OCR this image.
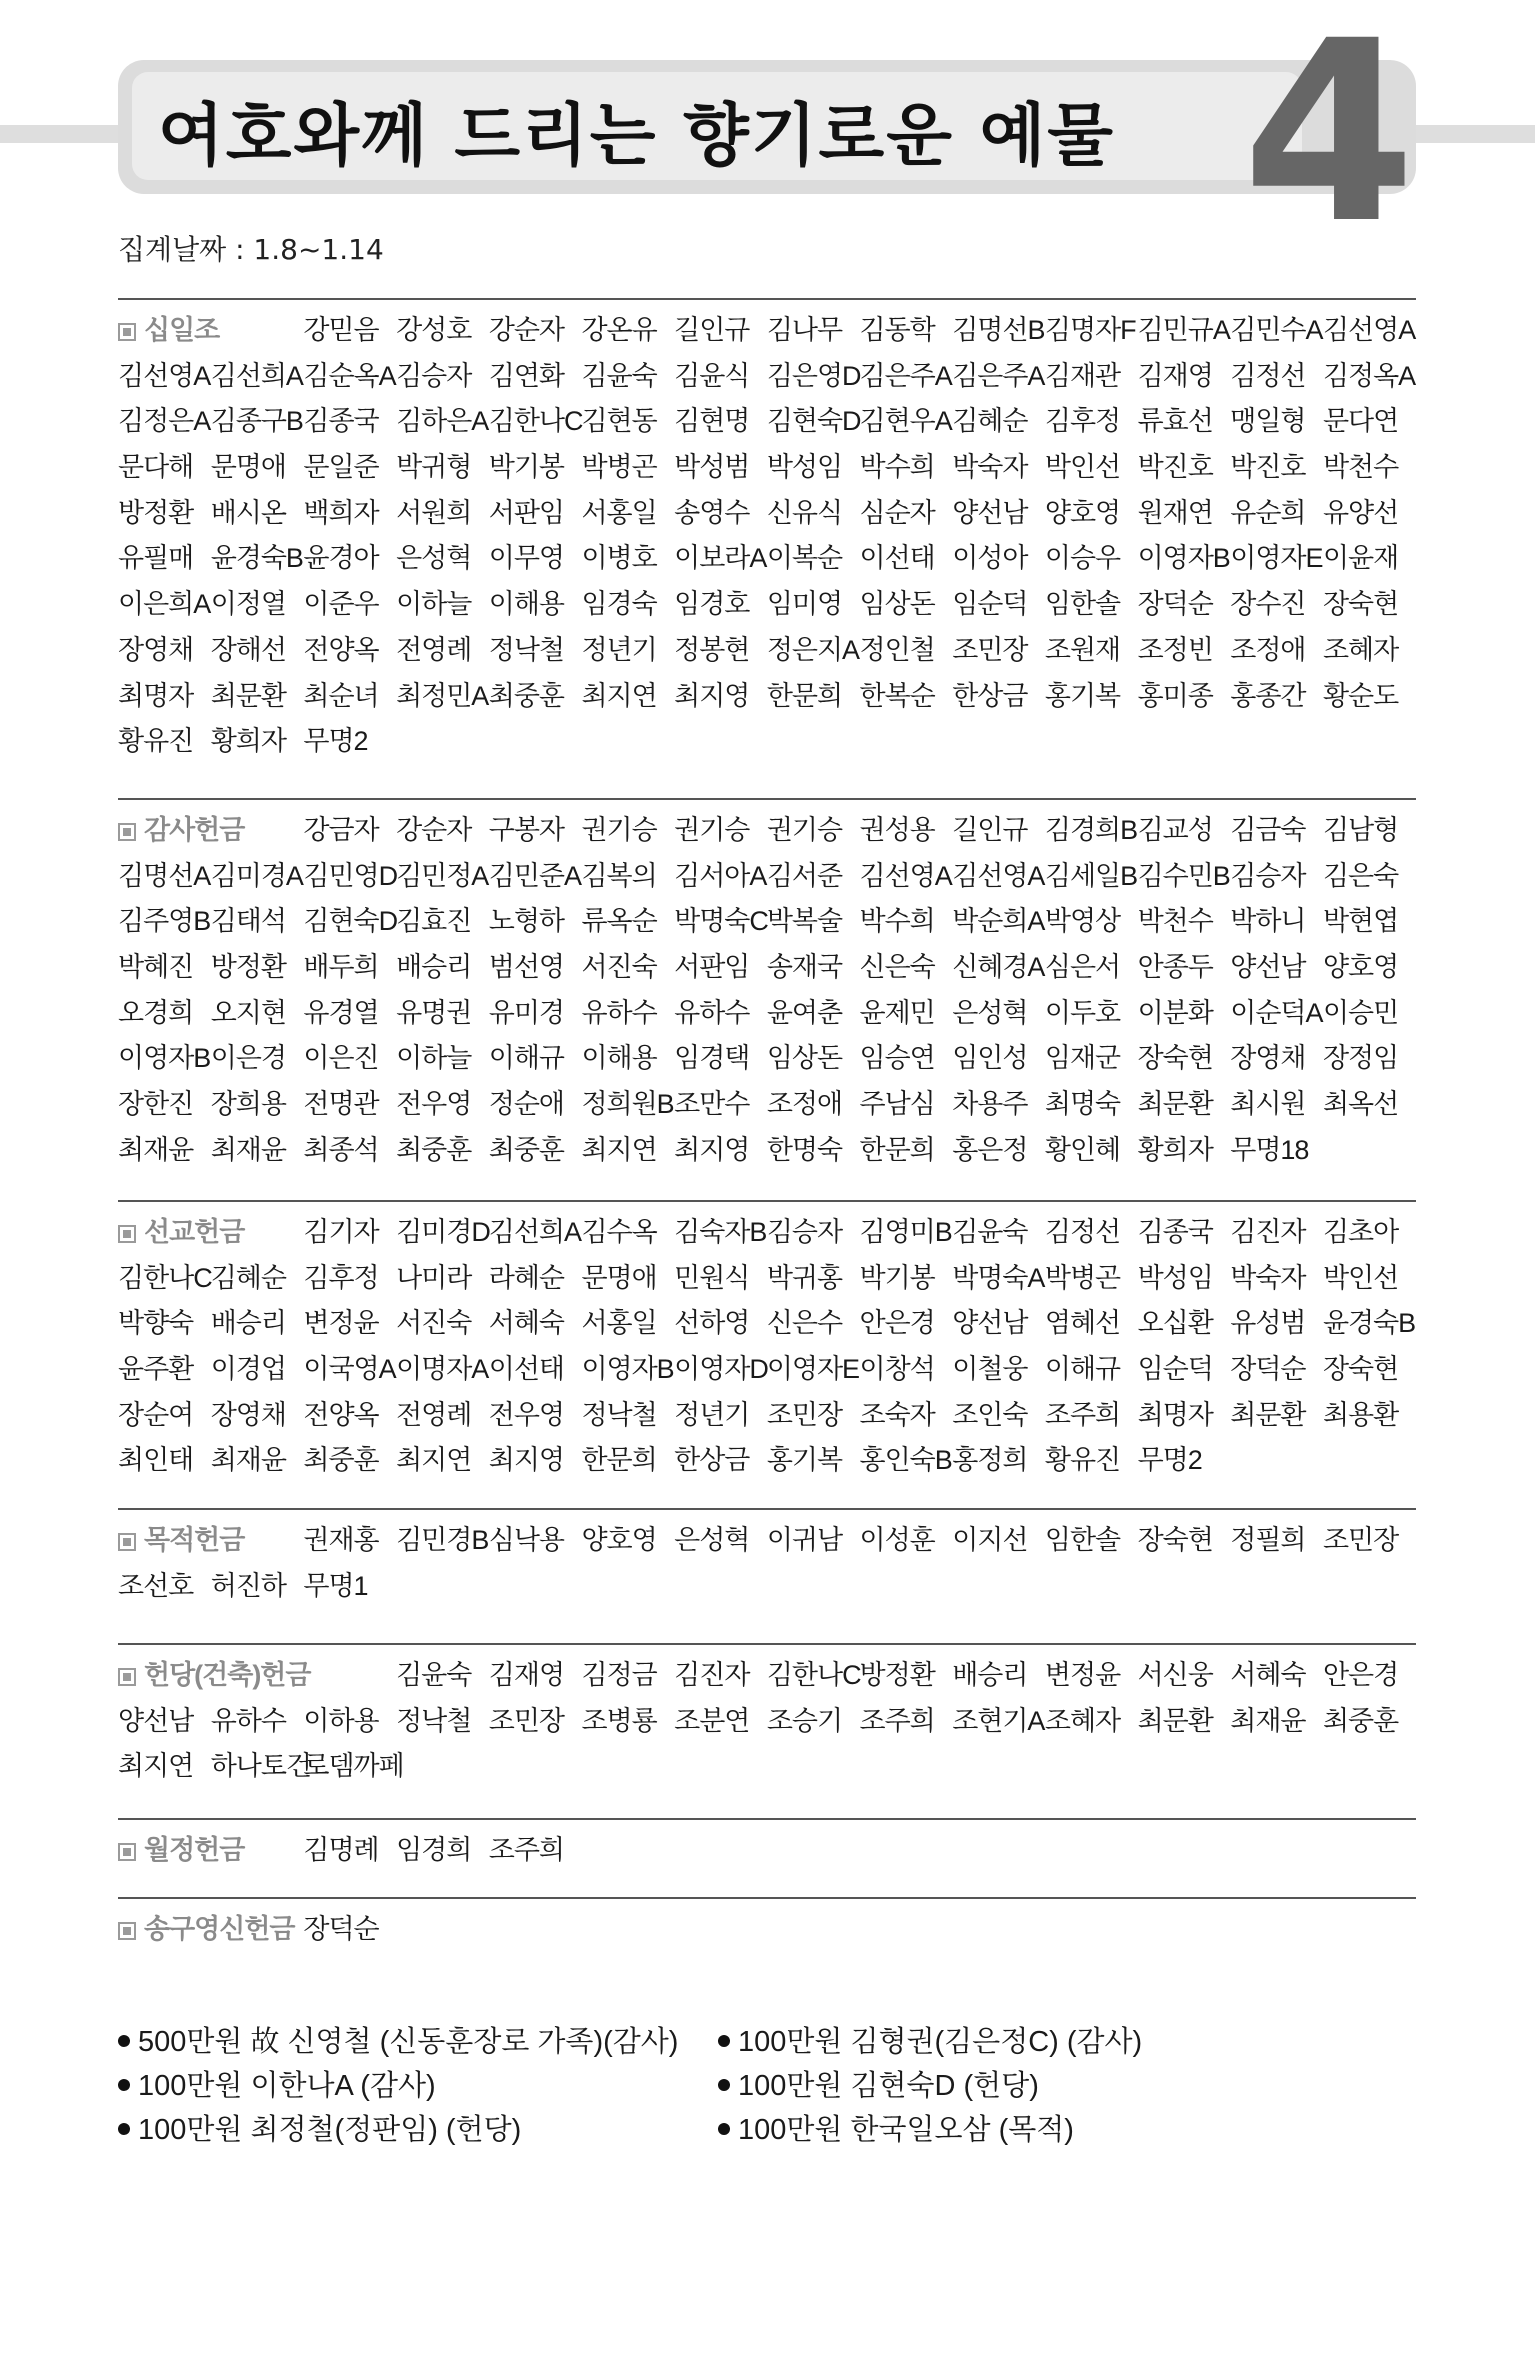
여호와께 드리는 향기로운 예물 4
집계날짜 : 1.8~1.14
십일조	강믿음 강성호 강순자 강온유 길인규 김나무 김동학 김명선B 김명자F 김민규A 김민수A 김선영A
김선영A 김선희A 김순옥A 김승자 김연화 김윤숙 김윤식 김은영D
김은주A 김은주A 김재관 김재영 김정선 김정옥A
김정은A 김종구B 김종국 김하은A 김한나C
김현동 김현명 김현숙D
김현우A 김혜순 김후정 류효선 맹일형 문다연
문다해 문명애 문일준 박귀형 박기봉 박병곤 박성범 박성임 박수희 박숙자 박인선 박진호 박진호 박천수
방정환 배시온 백희자 서원희 서판임 서홍일 송영수 신유식 심순자 양선남 양호영 원재연 유순희 유양선
유필매 윤경숙B 윤경아 은성혁 이무영 이병호 이보라A 이복순 이선태 이성아 이승우 이영자B 이영자E 이윤재
이은희A 이정열 이준우 이하늘 이해용 임경숙 임경호 임미영 임상돈 임순덕 임한솔 장덕순 장수진 장숙현
장영채 장해선 전양옥 전영례 정낙철 정년기 정봉현 정은지A 정인철 조민장 조원재 조정빈 조정애 조혜자
최명자 최문환 최순녀 최정민A 최중훈 최지연 최지영 한문희 한복순 한상금 홍기복 홍미종 홍종간 황순도
황유진 황희자 무명2
감사헌금	강금자 강순자 구봉자 권기승 권기승 권기승 권성용 길인규 김경희B 김교성 김금숙 김남형
김명선A 김미경A 김민영D
김민정A 김민준A 김복의 김서아A 김서준 김선영A 김선영A 김세일B 김수민B 김승자 김은숙
김주영B 김태석 김현숙D
김효진 노형하 류옥순 박명숙C
박복술 박수희 박순희A 박영상 박천수 박하니 박현엽
박혜진 방정환 배두희 배승리 범선영 서진숙 서판임 송재국 신은숙 신혜경A 심은서 안종두 양선남 양호영
오경희 오지현 유경열 유명권 유미경 유하수 유하수 윤여춘 윤제민 은성혁 이두호 이분화 이순덕A 이승민
이영자B 이은경 이은진 이하늘 이해규 이해용 임경택 임상돈 임승연 임인성 임재군 장숙현 장영채 장정임
장한진 장희용 전명관 전우영 정순애 정희원B 조만수 조정애 주남심 차용주 최명숙 최문환 최시원 최옥선
최재윤 최재윤 최종석 최중훈 최중훈 최지연 최지영 한명숙 한문희 홍은정 황인혜 황희자 무명18
선교헌금	김기자 김미경D
김선희A 김수옥 김숙자B 김승자 김영미B 김윤숙 김정선 김종국 김진자 김초아
김한나C
김혜순 김후정 나미라 라혜순 문명애 민원식 박귀홍 박기봉 박명숙A 박병곤 박성임 박숙자 박인선
박향숙 배승리 변정윤 서진숙 서혜숙 서홍일 선하영 신은수 안은경 양선남 염혜선 오십환 유성범 윤경숙B
윤주환 이경업 이국영A 이명자A 이선태 이영자B 이영자D
이영자E 이창석 이철웅 이해규 임순덕 장덕순 장숙현
장순여 장영채 전양옥 전영례 전우영 정낙철 정년기 조민장 조숙자 조인숙 조주희 최명자 최문환 최용환
최인태 최재윤 최중훈 최지연 최지영 한문희 한상금 홍기복 홍인숙B 홍정희 황유진 무명2
목적헌금	권재홍 김민경B 심낙용 양호영 은성혁 이귀남 이성훈 이지선 임한솔 장숙현 정필희 조민장
조선호 허진하 무명1
헌당(건축)헌금	김윤숙 김재영 김정금 김진자 김한나C
방정환 배승리 변정윤 서신웅 서혜숙 안은경
양선남 유하수 이하용 정낙철 조민장 조병룡 조분연 조승기 조주희 조현기A 조혜자 최문환 최재윤 최중훈
최지연 하나토건
로뎀까페
월정헌금	김명례 임경희 조주희
송구영신헌금 장덕순
500만원 故 신영철 (신동훈장로 가족)(감사)
100만원 이한나A (감사)
100만원 최정철(정판임) (헌당)
100만원 김형권(김은정C) (감사)
100만원 김현숙D (헌당)
100만원 한국일오삼 (목적)
